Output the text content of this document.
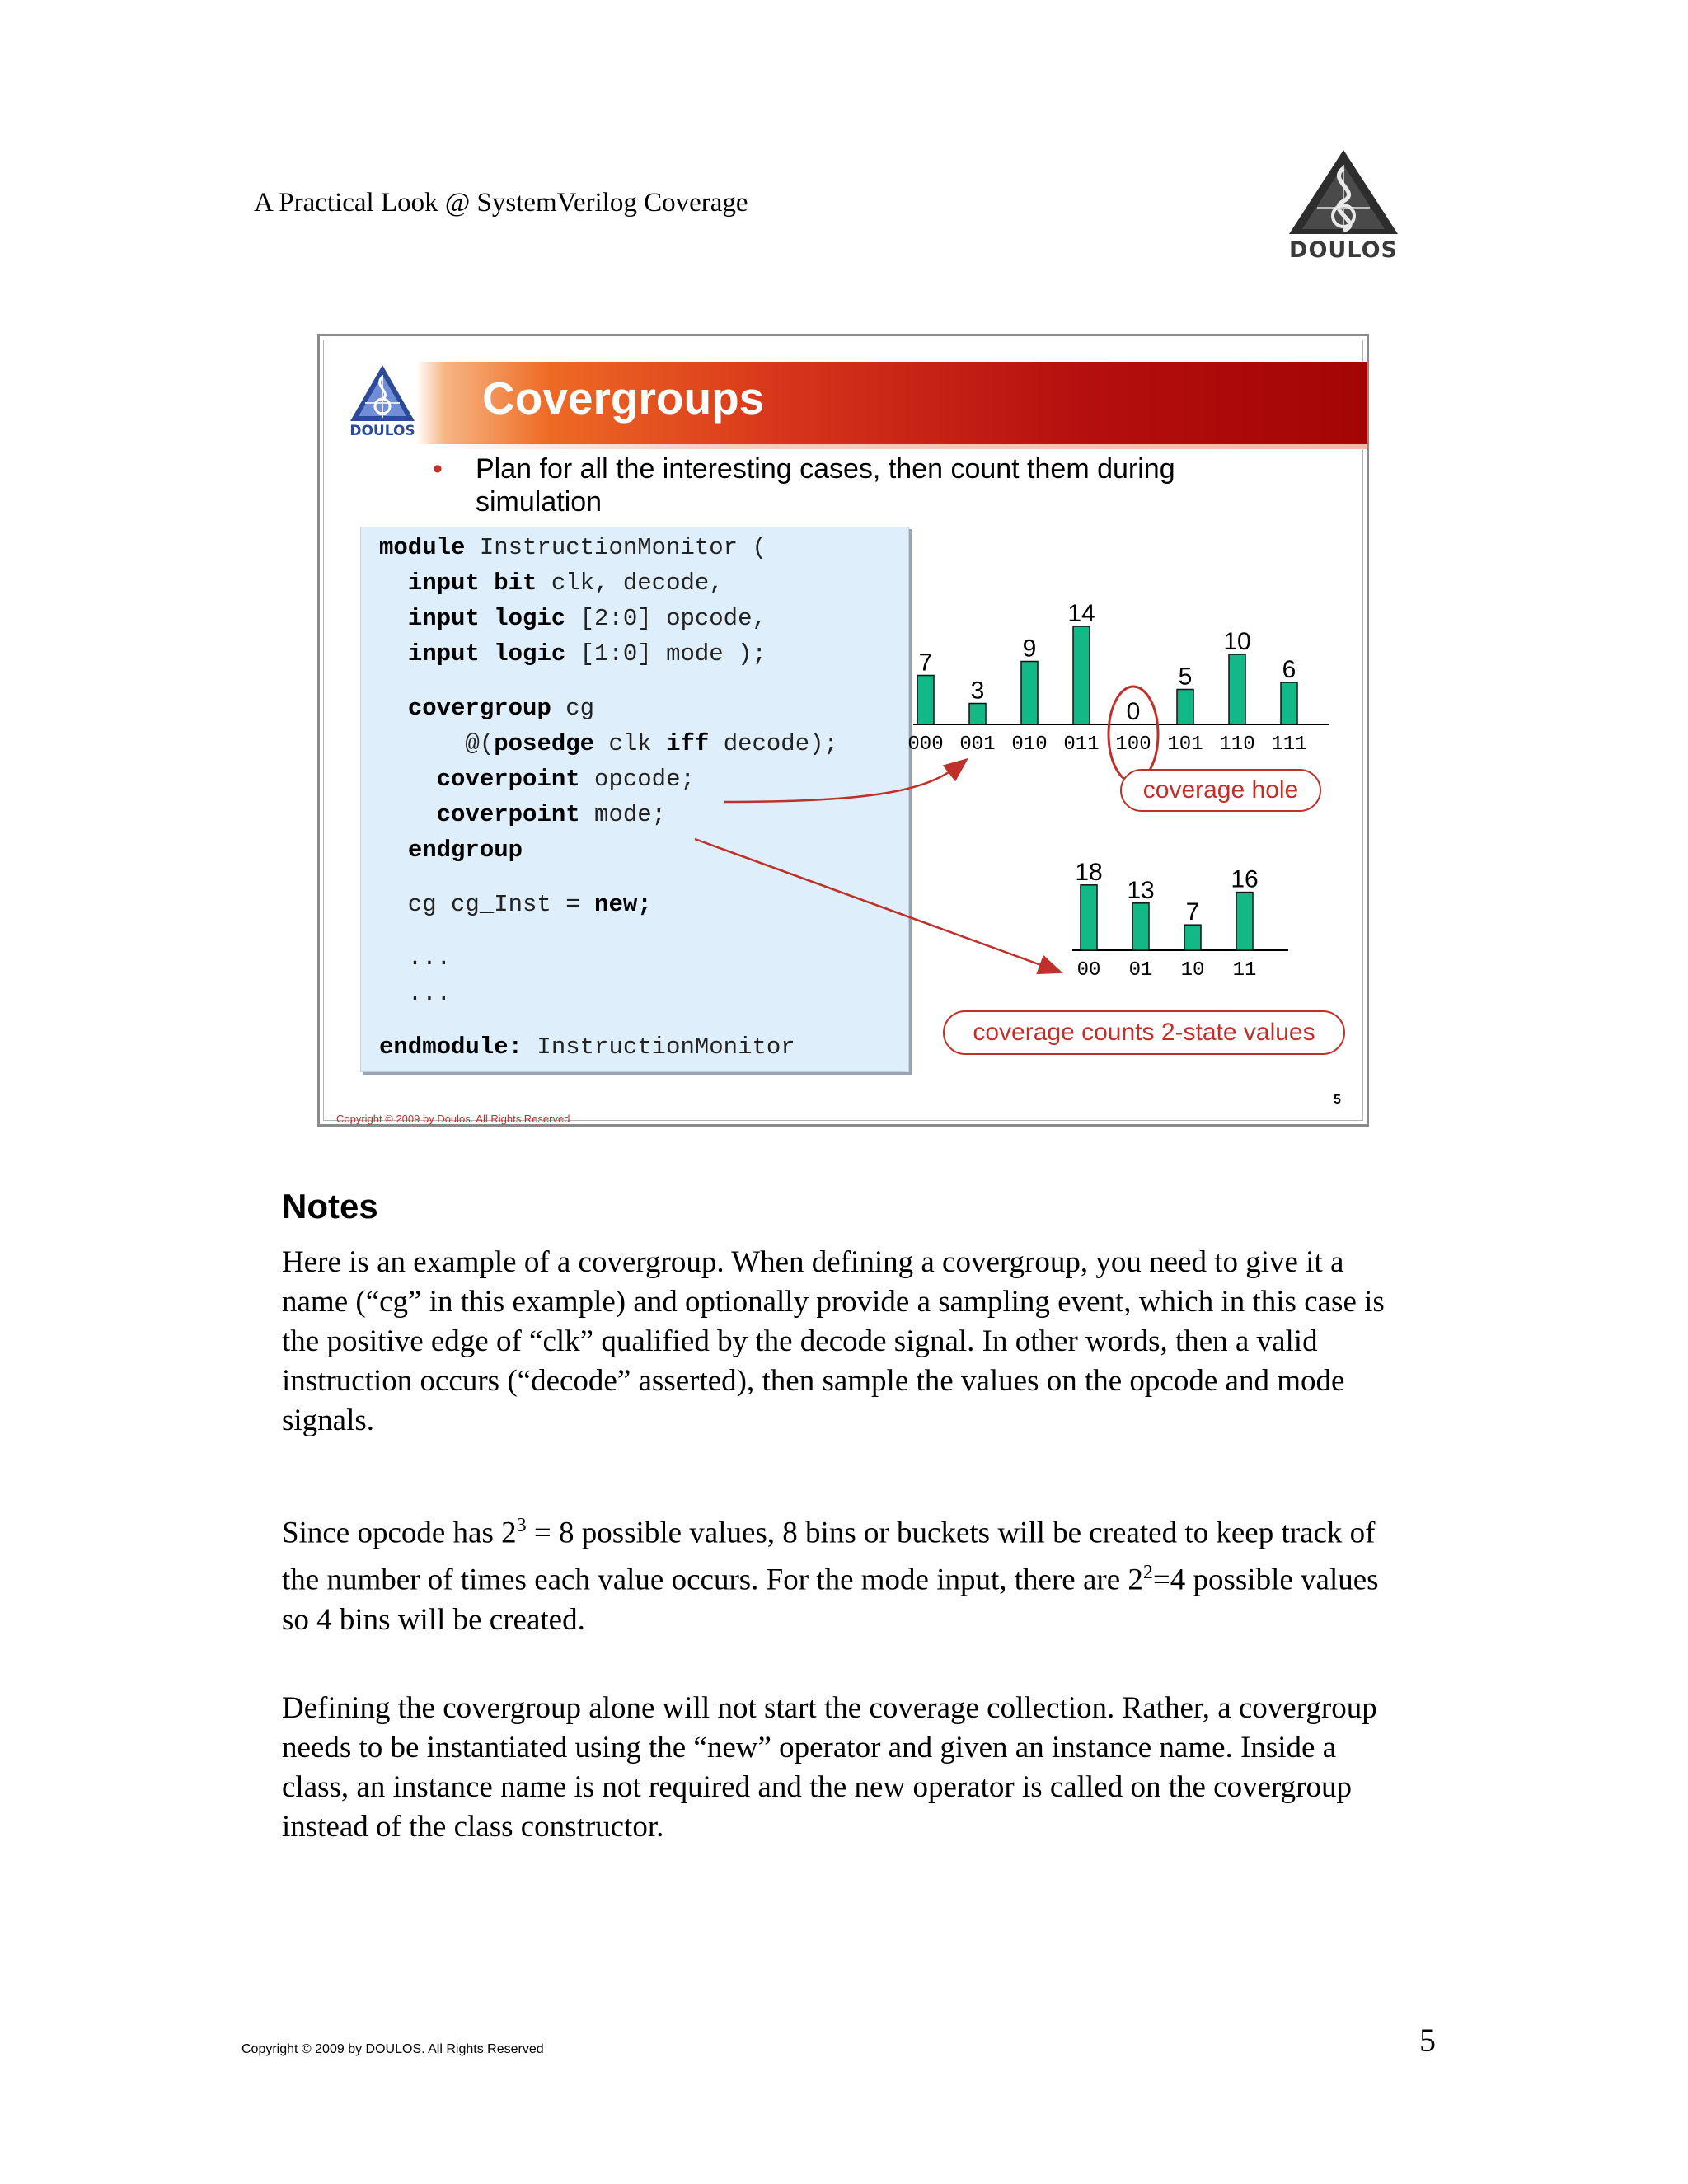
A Practical Look @ SystemVerilog Coverage
DOULOS
Covergroups
DOULOS
• Plan for all the interesting cases, then count them during simulation
module InstructionMonitor (
input bit clk, decode,
input logic [2:0] opcode,
input logic [1:0] mode );
covergroup cg
@(posedge clk iff decode);
coverpoint opcode;
coverpoint mode;
endgroup
cg cg_Inst = new;
...
...
endmodule: InstructionMonitor
7
000
3
001
9
010
14
011
0
100
5
101
10
110
6
111
18
00
13
01
7
10
16
11
coverage hole
coverage counts 2-state values
5
Copyright © 2009 by Doulos. All Rights Reserved
Notes
Here is an example of a covergroup. When defining a covergroup, you need to give it a name (“cg” in this example) and optionally provide a sampling event, which in this case is the positive edge of “clk” qualified by the decode signal. In other words, then a valid instruction occurs (“decode” asserted), then sample the values on the opcode and mode signals.
Since opcode has $2^3 = 8$ possible values, 8 bins or buckets will be created to keep track of the number of times each value occurs. For the mode input, there are $2^2=4$ possible values so 4 bins will be created.
Defining the covergroup alone will not start the coverage collection. Rather, a covergroup needs to be instantiated using the “new” operator and given an instance name. Inside a class, an instance name is not required and the new operator is called on the covergroup instead of the class constructor.
Copyright © 2009 by DOULOS. All Rights Reserved	5
